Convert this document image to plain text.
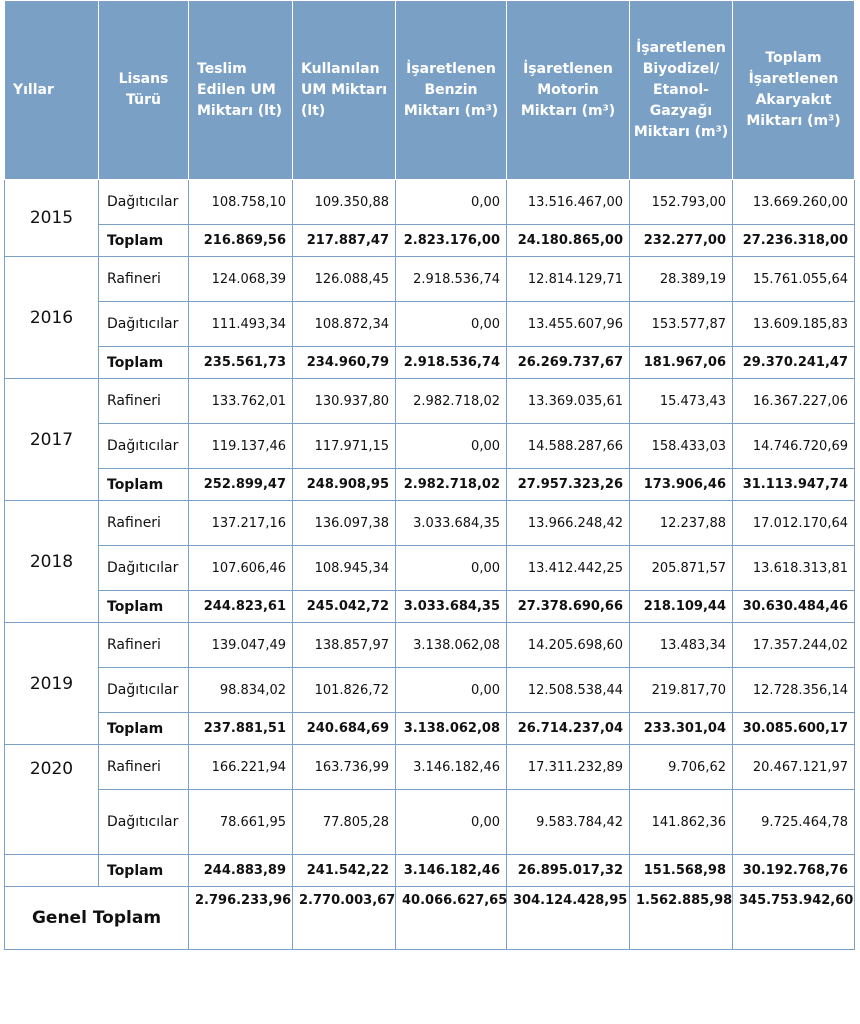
Yıllar	Lisans Türü	Teslim Edilen UM Miktarı (lt)	Kullanılan UM Miktarı (lt)	İşaretlenen Benzin Miktarı (m³)	İşaretlenen Motorin Miktarı (m³)	İşaretlenen Biyodizel/ Etanol-Gazyağı Miktarı (m³)	Toplam İşaretlenen Akaryakıt Miktarı (m³)
2015	Dağıtıcılar	108.758,10	109.350,88	0,00	13.516.467,00	152.793,00	13.669.260,00
	Toplam	216.869,56	217.887,47	2.823.176,00	24.180.865,00	232.277,00	27.236.318,00
2016	Rafineri	124.068,39	126.088,45	2.918.536,74	12.814.129,71	28.389,19	15.761.055,64
	Dağıtıcılar	111.493,34	108.872,34	0,00	13.455.607,96	153.577,87	13.609.185,83
	Toplam	235.561,73	234.960,79	2.918.536,74	26.269.737,67	181.967,06	29.370.241,47
2017	Rafineri	133.762,01	130.937,80	2.982.718,02	13.369.035,61	15.473,43	16.367.227,06
	Dağıtıcılar	119.137,46	117.971,15	0,00	14.588.287,66	158.433,03	14.746.720,69
	Toplam	252.899,47	248.908,95	2.982.718,02	27.957.323,26	173.906,46	31.113.947,74
2018	Rafineri	137.217,16	136.097,38	3.033.684,35	13.966.248,42	12.237,88	17.012.170,64
	Dağıtıcılar	107.606,46	108.945,34	0,00	13.412.442,25	205.871,57	13.618.313,81
	Toplam	244.823,61	245.042,72	3.033.684,35	27.378.690,66	218.109,44	30.630.484,46
2019	Rafineri	139.047,49	138.857,97	3.138.062,08	14.205.698,60	13.483,34	17.357.244,02
	Dağıtıcılar	98.834,02	101.826,72	0,00	12.508.538,44	219.817,70	12.728.356,14
	Toplam	237.881,51	240.684,69	3.138.062,08	26.714.237,04	233.301,04	30.085.600,17
2020	Rafineri	166.221,94	163.736,99	3.146.182,46	17.311.232,89	9.706,62	20.467.121,97
	Dağıtıcılar	78.661,95	77.805,28	0,00	9.583.784,42	141.862,36	9.725.464,78
	Toplam	244.883,89	241.542,22	3.146.182,46	26.895.017,32	151.568,98	30.192.768,76
Genel Toplam		2.796.233,96	2.770.003,67	40.066.627,65	304.124.428,95	1.562.885,98	345.753.942,60
